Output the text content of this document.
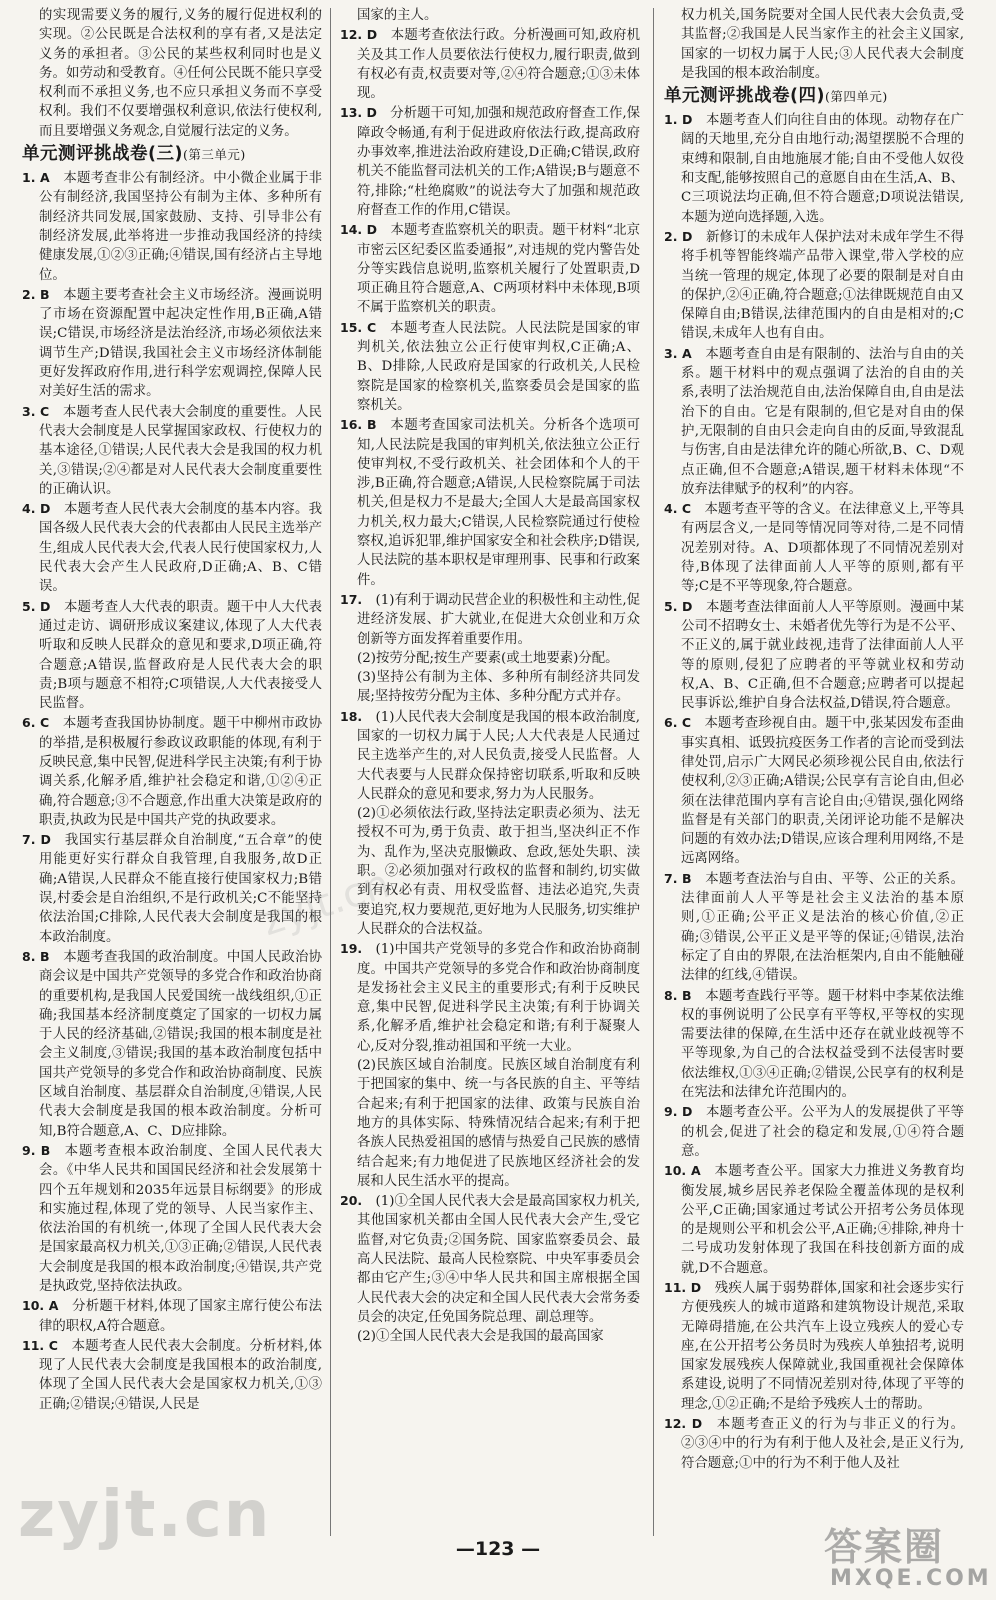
的实现需要义务的履行,义务的履行促进权利的实现。②公民既是合法权利的享有者,又是法定义务的承担者。③公民的某些权利同时也是义务。如劳动和受教育。④任何公民既不能只享受权利而不承担义务,也不应只承担义务而不享受权利。我们不仅要增强权利意识,依法行使权利,而且要增强义务观念,自觉履行法定的义务。

单元测评挑战卷(三)(第三单元)

1. A  本题考查非公有制经济。中小微企业属于非公有制经济,我国坚持公有制为主体、多种所有制经济共同发展,国家鼓励、支持、引导非公有制经济发展,此举将进一步推动我国经济的持续健康发展,①②③正确;④错误,国有经济占主导地位。

2. B  本题主要考查社会主义市场经济。漫画说明了市场在资源配置中起决定性作用,B正确,A错误;C错误,市场经济是法治经济,市场必须依法来调节生产;D错误,我国社会主义市场经济体制能更好发挥政府作用,进行科学宏观调控,保障人民对美好生活的需求。

3. C  本题考查人民代表大会制度的重要性。人民代表大会制度是人民掌握国家政权、行使权力的基本途径,①错误;人民代表大会是我国的权力机关,③错误;②④都是对人民代表大会制度重要性的正确认识。

4. D  本题考查人民代表大会制度的基本内容。我国各级人民代表大会的代表都由人民民主选举产生,组成人民代表大会,代表人民行使国家权力,人民代表大会产生人民政府,D正确;A、B、C错误。

5. D  本题考查人大代表的职责。题干中人大代表通过走访、调研形成议案建议,体现了人大代表听取和反映人民群众的意见和要求,D项正确,符合题意;A错误,监督政府是人民代表大会的职责;B项与题意不相符;C项错误,人大代表接受人民监督。

6. C  本题考查我国协协制度。题干中柳州市政协的举措,是积极履行参政议政职能的体现,有利于反映民意,集中民智,促进科学民主决策;有利于协调关系,化解矛盾,维护社会稳定和谐,①②④正确,符合题意;③不合题意,作出重大决策是政府的职责,执政为民是中国共产党的执政要求。

7. D  我国实行基层群众自治制度,“五合章”的使用能更好实行群众自我管理,自我服务,故D正确;A错误,人民群众不能直接行使国家权力;B错误,村委会是自治组织,不是行政机关;C不能坚持依法治国;C排除,人民代表大会制度是我国的根本政治制度。

8. B  本题考查我国的政治制度。中国人民政治协商会议是中国共产党领导的多党合作和政治协商的重要机构,是我国人民爱国统一战线组织,①正确;我国基本经济制度奠定了国家的一切权力属于人民的经济基础,②错误;我国的根本制度是社会主义制度,③错误;我国的基本政治制度包括中国共产党领导的多党合作和政治协商制度、民族区域自治制度、基层群众自治制度,④错误,人民代表大会制度是我国的根本政治制度。分析可知,B符合题意,A、C、D应排除。

9. B  本题考查根本政治制度、全国人民代表大会。《中华人民共和国国民经济和社会发展第十四个五年规划和2035年远景目标纲要》的形成和实施过程,体现了党的领导、人民当家作主、依法治国的有机统一,体现了全国人民代表大会是国家最高权力机关,①③正确;②错误,人民代表大会制度是我国的根本政治制度;④错误,共产党是执政党,坚持依法执政。

10. A  分析题干材料,体现了国家主席行使公布法律的职权,A符合题意。

11. C  本题考查人民代表大会制度。分析材料,体现了人民代表大会制度是我国根本的政治制度,体现了全国人民代表大会是国家权力机关,①③正确;②错误;④错误,人民是

国家的主人。

12. D  本题考查依法行政。分析漫画可知,政府机关及其工作人员要依法行使权力,履行职责,做到有权必有责,权责要对等,②④符合题意;①③未体现。

13. D  分析题干可知,加强和规范政府督查工作,保障政令畅通,有利于促进政府依法行政,提高政府办事效率,推进法治政府建设,D正确;C错误,政府机关不能监督司法机关的工作;A错误;B与题意不符,排除;“杜绝腐败”的说法夸大了加强和规范政府督查工作的作用,C错误。

14. D  本题考查监察机关的职责。题干材料“北京市密云区纪委区监委通报”,对违规的党内警告处分等实践信息说明,监察机关履行了处置职责,D项正确且符合题意,A、C两项材料中未体现,B项不属于监察机关的职责。

15. C  本题考查人民法院。人民法院是国家的审判机关,依法独立公正行使审判权,C正确;A、B、D排除,人民政府是国家的行政机关,人民检察院是国家的检察机关,监察委员会是国家的监察机关。

16. B  本题考查国家司法机关。分析各个选项可知,人民法院是我国的审判机关,依法独立公正行使审判权,不受行政机关、社会团体和个人的干涉,B正确,符合题意;A错误,人民检察院属于司法机关,但是权力不是最大;全国人大是最高国家权力机关,权力最大;C错误,人民检察院通过行使检察权,追诉犯罪,维护国家安全和社会秩序;D错误,人民法院的基本职权是审理刑事、民事和行政案件。

17.  (1)有利于调动民营企业的积极性和主动性,促进经济发展、扩大就业,在促进大众创业和万众创新等方面发挥着重要作用。

(2)按劳分配;按生产要素(或土地要素)分配。

(3)坚持公有制为主体、多种所有制经济共同发展;坚持按劳分配为主体、多种分配方式并存。

18.  (1)人民代表大会制度是我国的根本政治制度,国家的一切权力属于人民;人大代表是人民通过民主选举产生的,对人民负责,接受人民监督。人大代表要与人民群众保持密切联系,听取和反映人民群众的意见和要求,努力为人民服务。

(2)①必须依法行政,坚持法定职责必须为、法无授权不可为,勇于负责、敢于担当,坚决纠正不作为、乱作为,坚决克服懒政、怠政,惩处失职、渎职。②必须加强对行政权的监督和制约,切实做到有权必有责、用权受监督、违法必追究,失责要追究,权力要规范,更好地为人民服务,切实维护人民群众的合法权益。

19.  (1)中国共产党领导的多党合作和政治协商制度。中国共产党领导的多党合作和政治协商制度是发扬社会主义民主的重要形式;有利于反映民意,集中民智,促进科学民主决策;有利于协调关系,化解矛盾,维护社会稳定和谐;有利于凝聚人心,反对分裂,推动祖国和平统一大业。

(2)民族区域自治制度。民族区域自治制度有利于把国家的集中、统一与各民族的自主、平等结合起来;有利于把国家的法律、政策与民族自治地方的具体实际、特殊情况结合起来;有利于把各族人民热爱祖国的感情与热爱自己民族的感情结合起来;有力地促进了民族地区经济社会的发展和人民生活水平的提高。

20.  (1)①全国人民代表大会是最高国家权力机关,其他国家机关都由全国人民代表大会产生,受它监督,对它负责;②国务院、国家监察委员会、最高人民法院、最高人民检察院、中央军事委员会都由它产生;③④中华人民共和国主席根据全国人民代表大会的决定和全国人民代表大会常务委员会的决定,任免国务院总理、副总理等。

(2)①全国人民代表大会是我国的最高国家

权力机关,国务院要对全国人民代表大会负责,受其监督;②我国是人民当家作主的社会主义国家,国家的一切权力属于人民;③人民代表大会制度是我国的根本政治制度。

单元测评挑战卷(四)(第四单元)

1. D  本题考查人们向往自由的体现。动物存在广阔的天地里,充分自由地行动;渴望摆脱不合理的束缚和限制,自由地施展才能;自由不受他人奴役和支配,能够按照自己的意愿自由在生活,A、B、C三项说法均正确,但不符合题意;D项说法错误,本题为逆向选择题,入选。

2. D  新修订的未成年人保护法对未成年学生不得将手机等智能终端产品带入课堂,带入学校的应当统一管理的规定,体现了必要的限制是对自由的保护,②④正确,符合题意;①法律既规范自由又保障自由;B错误,法律范围内的自由是相对的;C错误,未成年人也有自由。

3. A  本题考查自由是有限制的、法治与自由的关系。题干材料中的观点强调了法治的自由的关系,表明了法治规范自由,法治保障自由,自由是法治下的自由。它是有限制的,但它是对自由的保护,无限制的自由只会走向自由的反面,导致混乱与伤害,自由是法律允许的随心所欲,B、C、D观点正确,但不合题意;A错误,题干材料未体现“不放弃法律赋予的权利”的内容。

4. C  本题考查平等的含义。在法律意义上,平等具有两层含义,一是同等情况同等对待,二是不同情况差别对待。A、D项都体现了不同情况差别对待,B体现了法律面前人人平等的原则,都有平等;C是不平等现象,符合题意。

5. D  本题考查法律面前人人平等原则。漫画中某公司不招聘女士、未婚者优先等行为是不公平、不正义的,属于就业歧视,违背了法律面前人人平等的原则,侵犯了应聘者的平等就业权和劳动权,A、B、C正确,但不合题意;应聘者可以提起民事诉讼,维护自身合法权益,D错误,符合题意。

6. C  本题考查珍视自由。题干中,张某因发布歪曲事实真相、诋毁抗疫医务工作者的言论而受到法律处罚,启示广大网民必须珍视公民自由,依法行使权利,②③正确;A错误;公民享有言论自由,但必须在法律范围内享有言论自由;④错误,强化网络监督是有关部门的职责,关闭评论功能不是解决问题的有效办法;D错误,应该合理利用网络,不是远离网络。

7. B  本题考查法治与自由、平等、公正的关系。法律面前人人平等是社会主义法治的基本原则,①正确;公平正义是法治的核心价值,②正确;③错误,公平正义是平等的保证;④错误,法治标定了自由的界限,在法治框架内,自由不能触碰法律的红线,④错误。

8. B  本题考查践行平等。题干材料中李某依法维权的事例说明了公民享有平等权,平等权的实现需要法律的保障,在生活中还存在就业歧视等不平等现象,为自己的合法权益受到不法侵害时要依法维权,①③④正确;②错误,公民享有的权利是在宪法和法律允许范围内的。

9. D  本题考查公平。公平为人的发展提供了平等的机会,促进了社会的稳定和发展,①④符合题意。

10. A  本题考查公平。国家大力推进义务教育均衡发展,城乡居民养老保险全覆盖体现的是权利公平,C正确;国家通过考试公开招考公务员体现的是规则公平和机会公平,A正确;④排除,神舟十二号成功发射体现了我国在科技创新方面的成就,D不合题意。

11. D  残疾人属于弱势群体,国家和社会逐步实行方便残疾人的城市道路和建筑物设计规范,采取无障碍措施,在公共汽车上设立残疾人的爱心专座,在公开招考公务员时为残疾人单独招考,说明国家发展残疾人保障就业,我国重视社会保障体系建设,说明了不同情况差别对待,体现了平等的理念,①②正确;不是给予残疾人士的帮助。

12. D  本题考查正义的行为与非正义的行为。②③④中的行为有利于他人及社会,是正义行为,符合题意;①中的行为不利于他人及社

zyjt.cn
zyjt.cn	—123 —	答案圈
MXQE.COM
